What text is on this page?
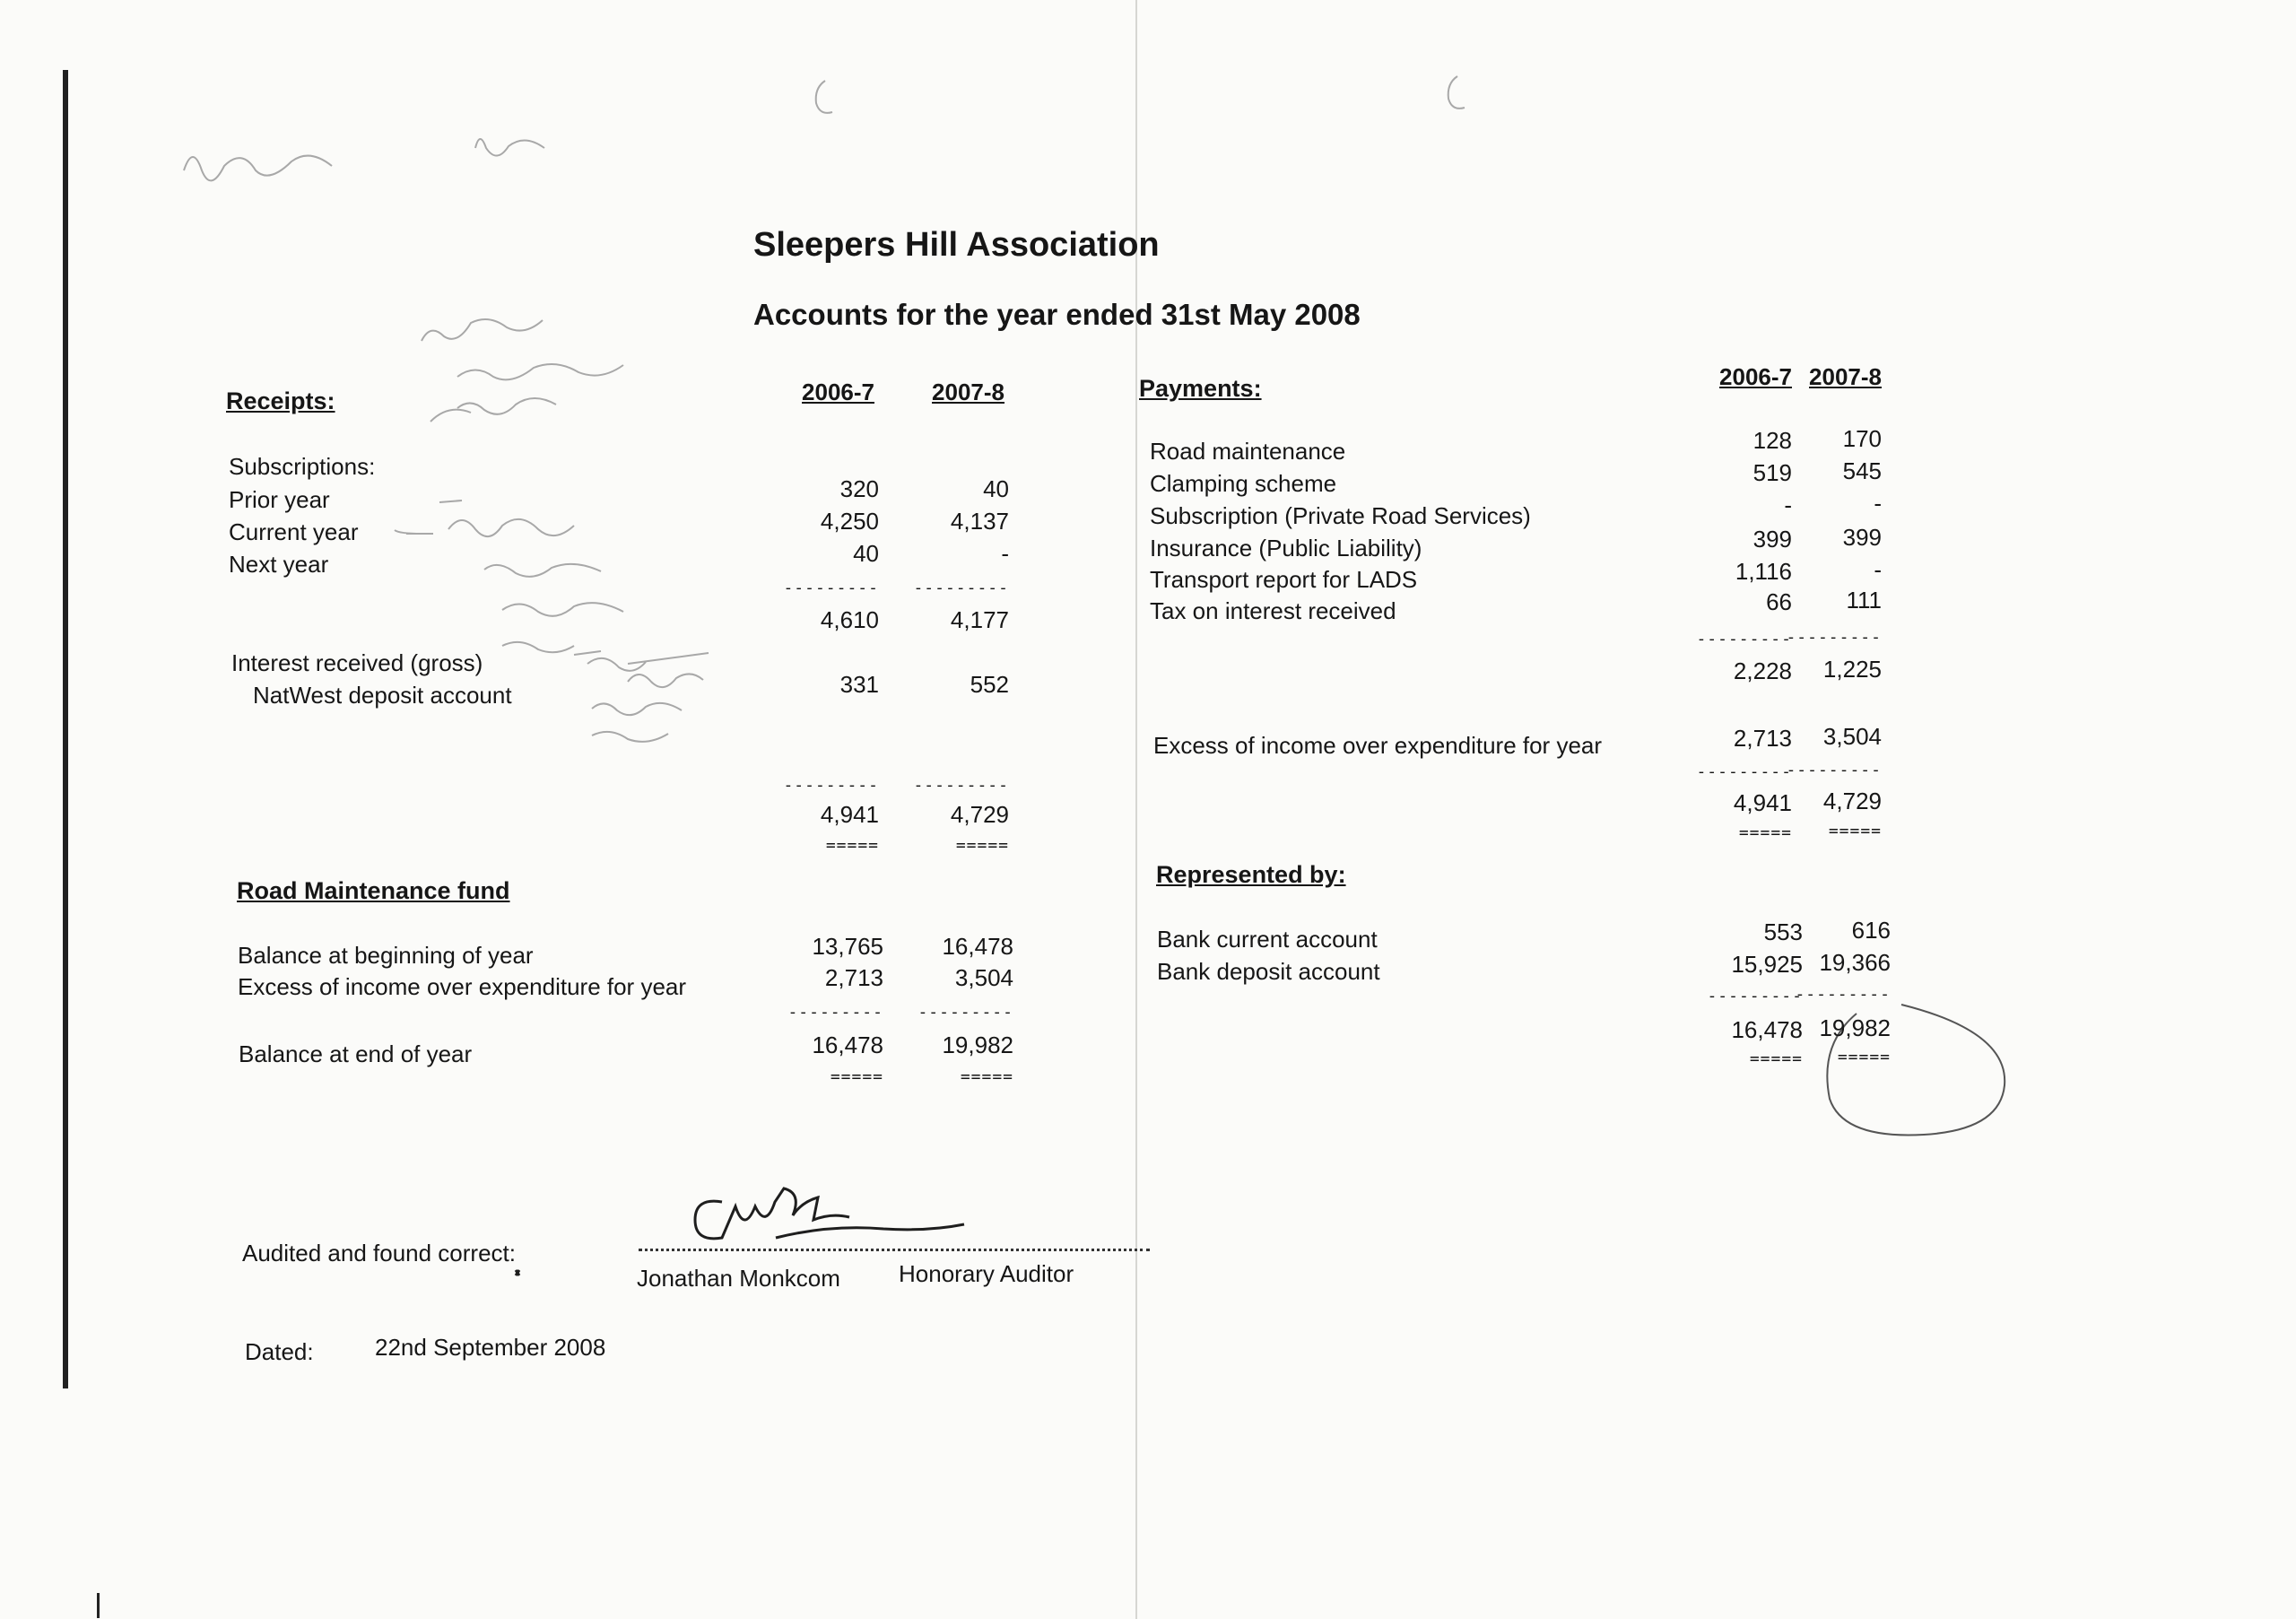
Sleepers Hill Association
Accounts for the year ended 31st May 2008
Receipts:	2006-7	2007-8
Subscriptions:
Prior year	320	40
Current year	4,250	4,137
Next year	40	-
---------	---------
4,610	4,177
Interest received (gross)
NatWest deposit account	331	552
---------	---------
4,941	4,729
=====	=====
Road Maintenance fund
Balance at beginning of year	13,765	16,478
Excess of income over expenditure for year	2,713	3,504
---------	---------
Balance at end of year	16,478	19,982
=====	=====
Payments:	2006-7 2007-8
Road maintenance	128	170
Clamping scheme	519	545
Subscription (Private Road Services)	-	-
Insurance (Public Liability)	399	399
Transport report for LADS	1,116	-
Tax on interest received	66	111
---------
---------
2,228	1,225
Excess of income over expenditure for year	2,713	3,504
---------
---------
4,941	4,729
=====	=====
Represented by:
Bank current account	553	616
Bank deposit account	15,925 19,366
---------
---------
16,478 19,982
=====	=====
Audited and found correct:
Jonathan Monkcom	Honorary Auditor
Dated:	22nd September 2008
